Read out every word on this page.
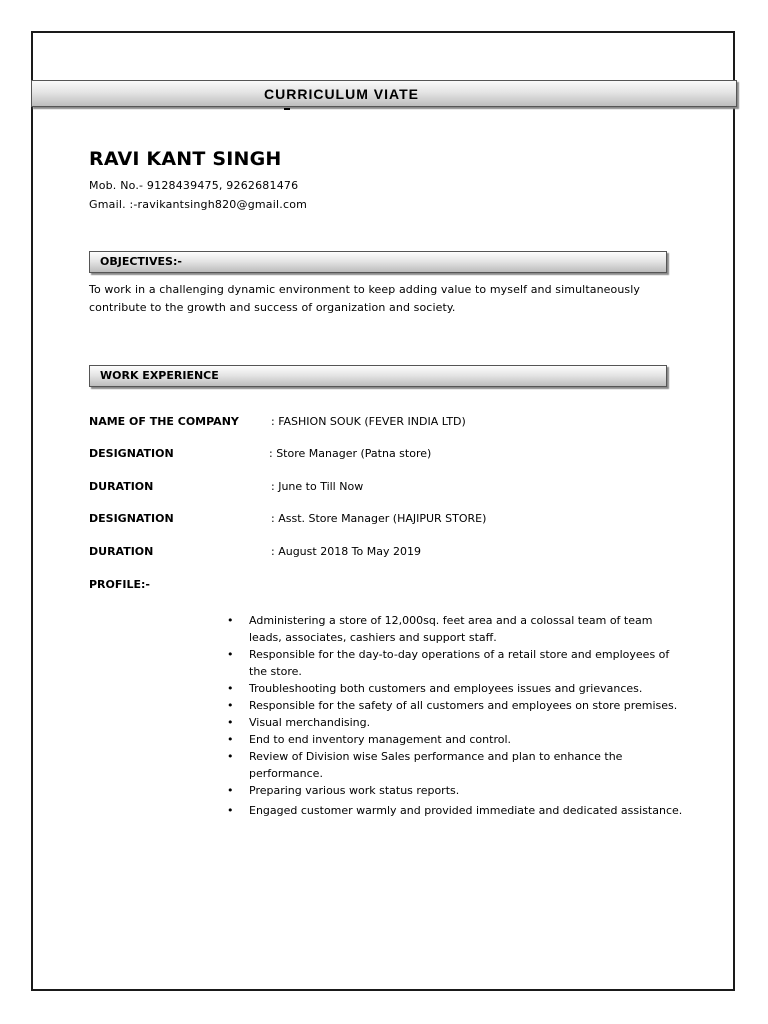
CURRICULUM VIATE
RAVI KANT SINGH
Mob. No.- 9128439475, 9262681476
Gmail. :-ravikantsingh820@gmail.com
OBJECTIVES:-
To work in a challenging dynamic environment to keep adding value to myself and simultaneously contribute to the growth and success of organization and society.
WORK EXPERIENCE
NAME OF THE COMPANY	: FASHION SOUK (FEVER INDIA LTD)
DESIGNATION	: Store Manager (Patna store)
DURATION	: June to Till Now
DESIGNATION	: Asst. Store Manager (HAJIPUR STORE)
DURATION	: August 2018 To May 2019
PROFILE:-
• Administering a store of 12,000sq. feet area and a colossal team of team leads, associates, cashiers and support staff.
• Responsible for the day-to-day operations of a retail store and employees of the store.
• Troubleshooting both customers and employees issues and grievances.
• Responsible for the safety of all customers and employees on store premises.
• Visual merchandising.
• End to end inventory management and control.
• Review of Division wise Sales performance and plan to enhance the performance.
• Preparing various work status reports.
• Engaged customer warmly and provided immediate and dedicated assistance.
